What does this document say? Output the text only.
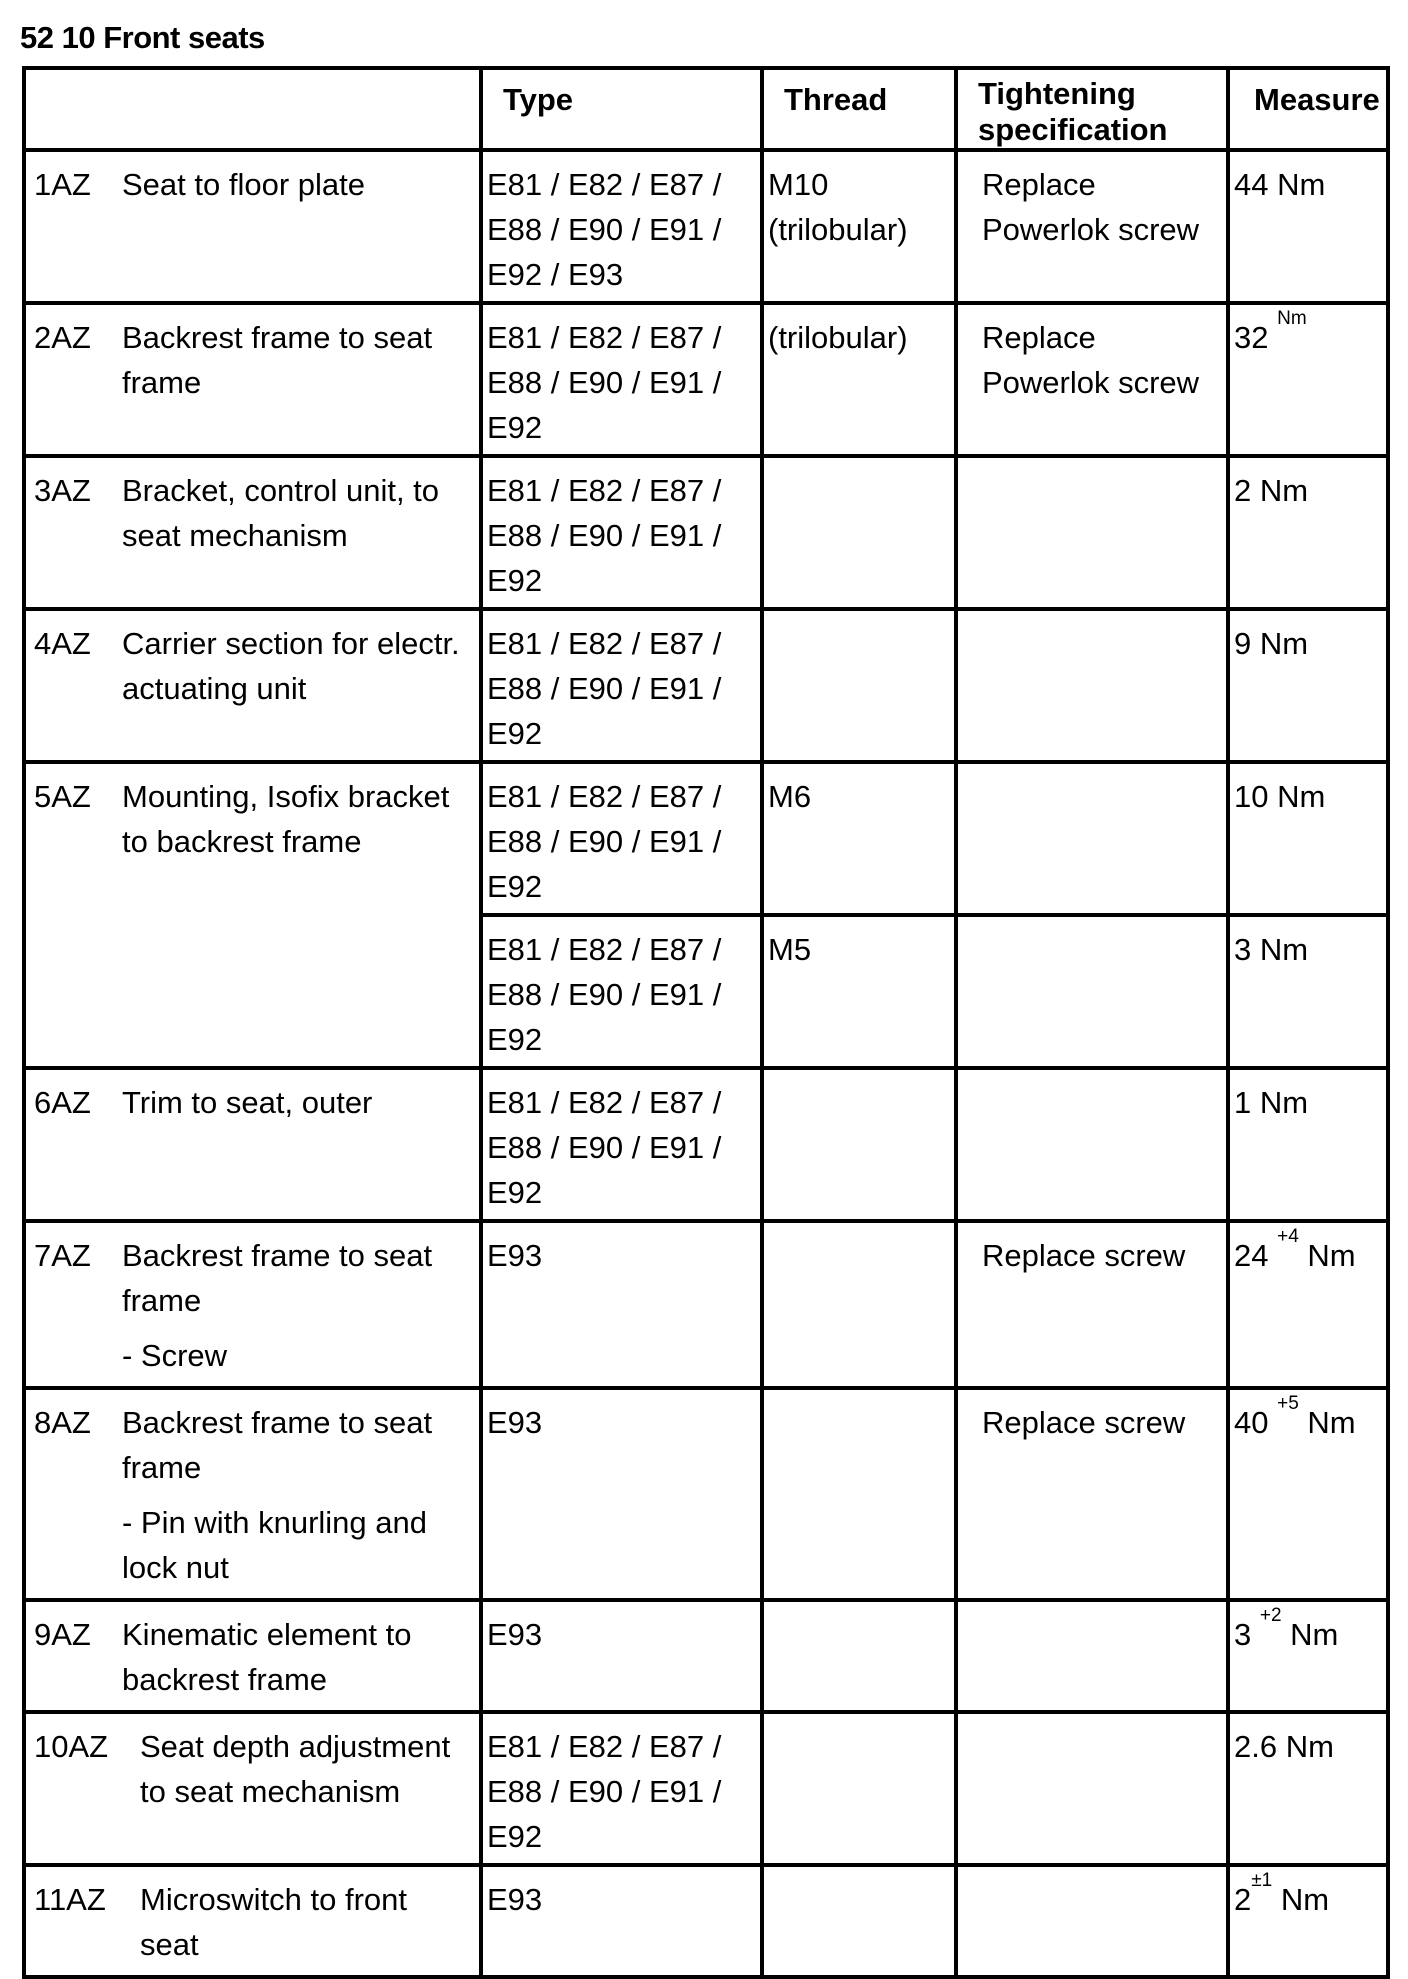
52 10 Front seats

	Type	Thread	Tightening specification	Measure

1AZ Seat to floor plate	E81 / E82 / E87 / E88 / E90 / E91 / E92 / E93	M10 (trilobular)	Replace Powerlok screw	44 Nm

2AZ Backrest frame to seat frame	E81 / E82 / E87 / E88 / E90 / E91 / E92	(trilobular)	Replace Powerlok screw	32 $^{Nm}$

3AZ Bracket, control unit, to seat mechanism	E81 / E82 / E87 / E88 / E90 / E91 / E92			2 Nm

4AZ Carrier section for electr. actuating unit	E81 / E82 / E87 / E88 / E90 / E91 / E92			9 Nm

5AZ Mounting, Isofix bracket to backrest frame	E81 / E82 / E87 / E88 / E90 / E91 / E92	M6		10 Nm

	E81 / E82 / E87 / E88 / E90 / E91 / E92	M5		3 Nm

6AZ Trim to seat, outer	E81 / E82 / E87 / E88 / E90 / E91 / E92			1 Nm

7AZ Backrest frame to seat frame
- Screw	E93		Replace screw	24 $^{+4}$ Nm

8AZ Backrest frame to seat frame
- Pin with knurling and lock nut	E93		Replace screw	40 $^{+5}$ Nm

9AZ Kinematic element to backrest frame	E93			3 $^{+2}$ Nm

10AZ Seat depth adjustment to seat mechanism	E81 / E82 / E87 / E88 / E90 / E91 / E92			2.6 Nm

11AZ Microswitch to front seat	E93			$2^{\pm 1}$ Nm
